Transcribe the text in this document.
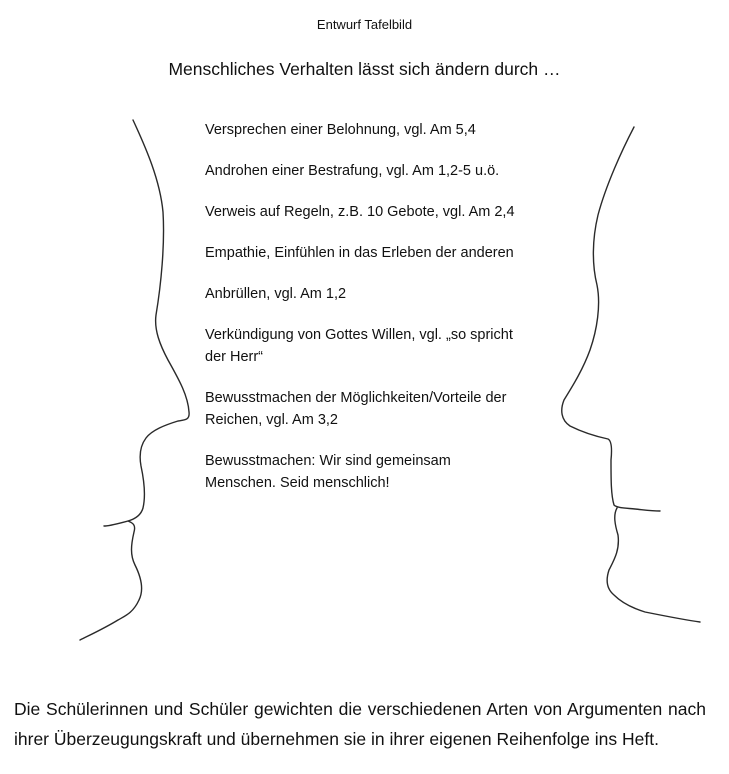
Entwurf Tafelbild
Menschliches Verhalten lässt sich ändern durch …
Versprechen einer Belohnung, vgl. Am 5,4
Androhen einer Bestrafung, vgl. Am 1,2-5 u.ö.
Verweis auf Regeln, z.B. 10 Gebote, vgl. Am 2,4
Empathie, Einfühlen in das Erleben der anderen
Anbrüllen, vgl. Am 1,2
Verkündigung von Gottes Willen, vgl. „so spricht der Herr“
Bewusstmachen der Möglichkeiten/Vorteile der Reichen, vgl. Am 3,2
Bewusstmachen: Wir sind gemeinsam Menschen. Seid menschlich!

Die Schülerinnen und Schüler gewichten die verschiedenen Arten von Argumenten nach ihrer Überzeugungskraft und übernehmen sie in ihrer eigenen Reihenfolge ins Heft.
